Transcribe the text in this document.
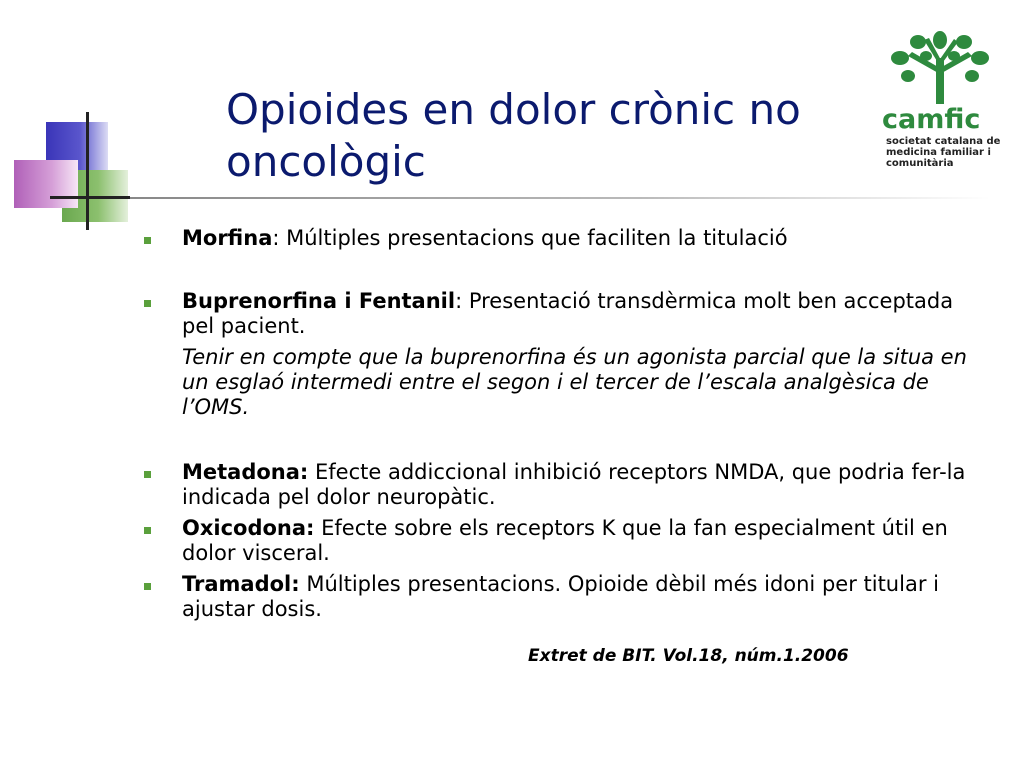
Opioides en dolor crònic no oncològic
camfic
societat catalana de medicina familiar i comunitària
Morfina: Múltiples presentacions que faciliten la titulació
Buprenorfina i Fentanil: Presentació transdèrmica molt ben acceptada pel pacient.
Tenir en compte que la buprenorfina és un agonista parcial que la situa en un esglaó intermedi entre el segon i el tercer de l’escala analgèsica de l’OMS.
Metadona: Efecte addiccional inhibició receptors NMDA, que podria fer-la indicada pel dolor neuropàtic.
Oxicodona: Efecte sobre els receptors K que la fan especialment útil en dolor visceral.
Tramadol: Múltiples presentacions. Opioide dèbil més idoni per titular i ajustar dosis.
Extret de BIT. Vol.18, núm.1.2006
